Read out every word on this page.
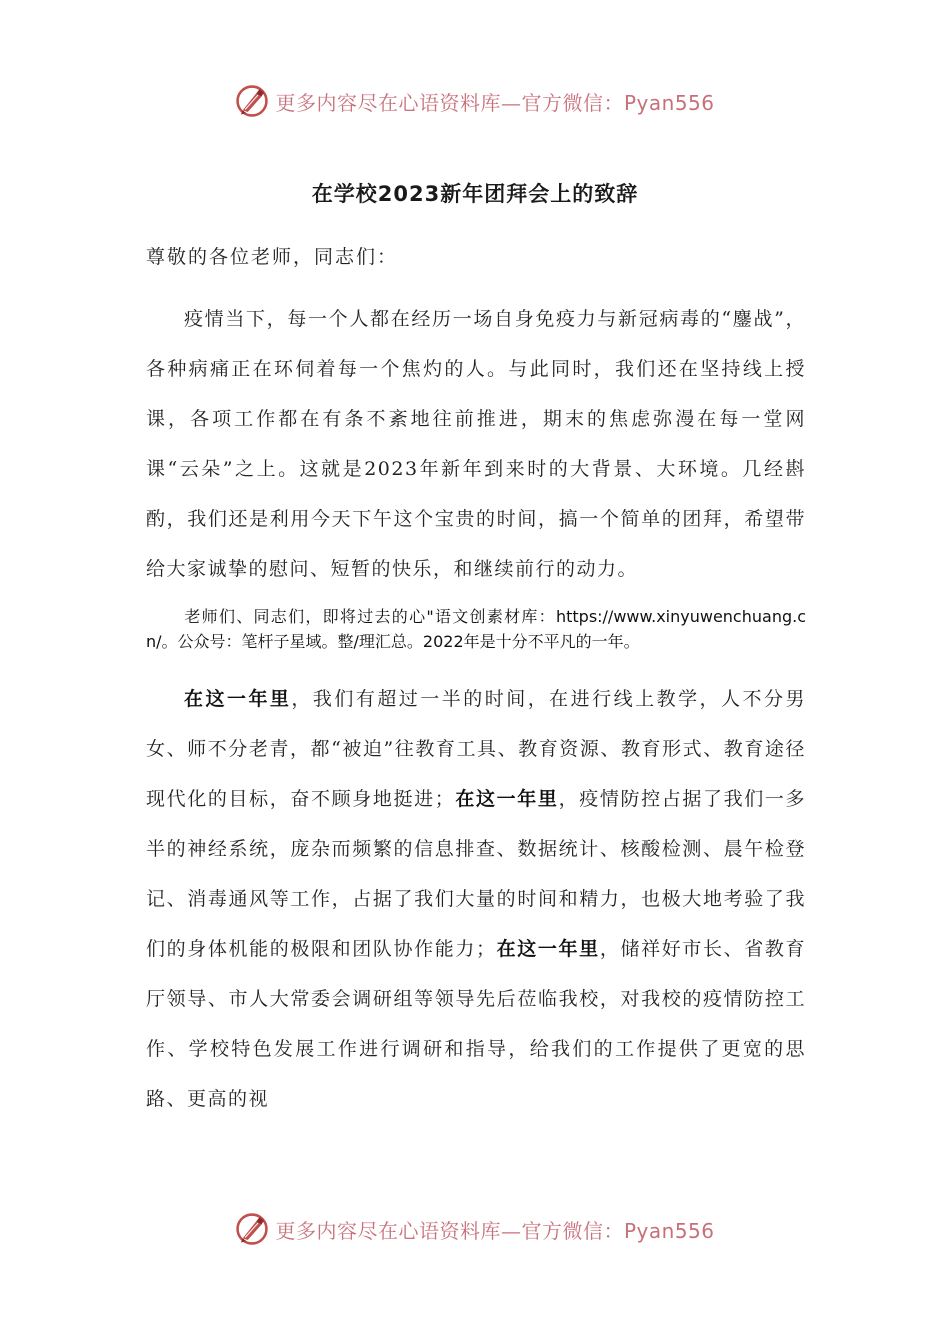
更多内容尽在心语资料库—官方微信：Pyan556
在学校2023新年团拜会上的致辞

尊敬的各位老师，同志们：

疫情当下，每一个人都在经历一场自身免疫力与新冠病毒的“鏖战”，各种病痛正在环伺着每一个焦灼的人。与此同时，我们还在坚持线上授课，各项工作都在有条不紊地往前推进，期末的焦虑弥漫在每一堂网课“云朵”之上。这就是2023年新年到来时的大背景、大环境。几经斟酌，我们还是利用今天下午这个宝贵的时间，搞一个简单的团拜，希望带给大家诚挚的慰问、短暂的快乐，和继续前行的动力。

老师们、同志们，即将过去的心"语文创素材库：https://www.xinyuwenchuang.cn/。公众号：笔杆子星域。整/理汇总。2022年是十分不平凡的一年。

在这一年里，我们有超过一半的时间，在进行线上教学，人不分男女、师不分老青，都“被迫”往教育工具、教育资源、教育形式、教育途径现代化的目标，奋不顾身地挺进；在这一年里，疫情防控占据了我们一多半的神经系统，庞杂而频繁的信息排查、数据统计、核酸检测、晨午检登记、消毒通风等工作，占据了我们大量的时间和精力，也极大地考验了我们的身体机能的极限和团队协作能力；在这一年里，储祥好市长、省教育厅领导、市人大常委会调研组等领导先后莅临我校，对我校的疫情防控工作、学校特色发展工作进行调研和指导，给我们的工作提供了更宽的思路、更高的视

更多内容尽在心语资料库—官方微信：Pyan556
